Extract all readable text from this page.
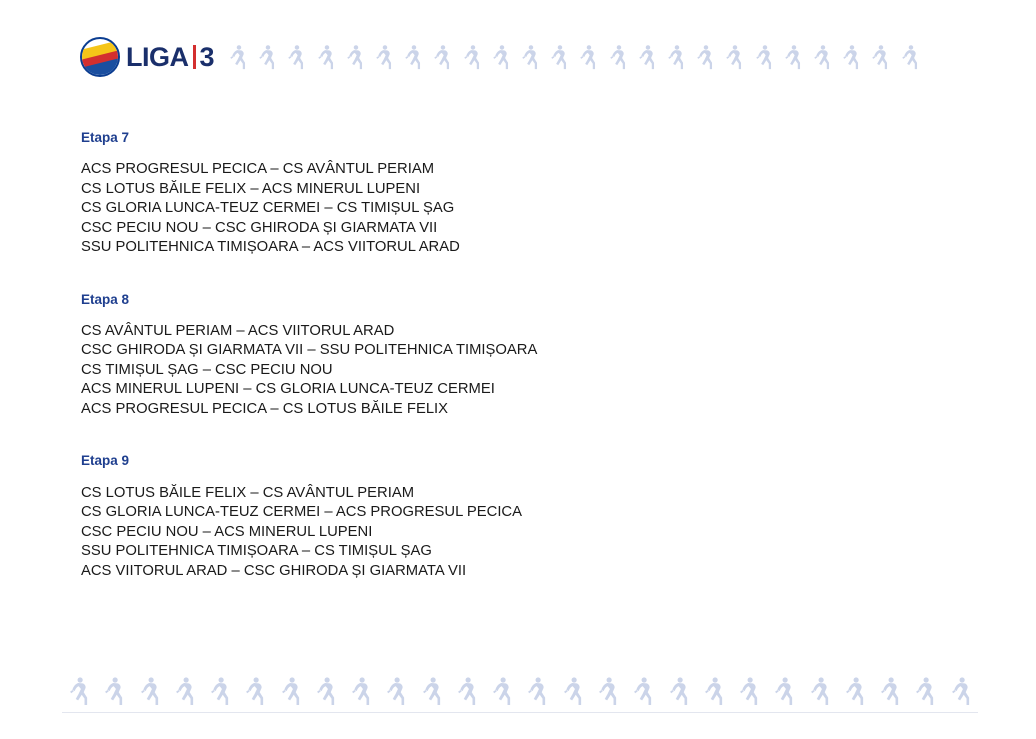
LIGA 3
Etapa 7
ACS PROGRESUL PECICA – CS AVÂNTUL PERIAM
CS LOTUS BĂILE FELIX – ACS MINERUL LUPENI
CS GLORIA LUNCA-TEUZ CERMEI – CS TIMIȘUL ȘAG
CSC PECIU NOU – CSC GHIRODA ȘI GIARMATA VII
SSU POLITEHNICA TIMIȘOARA – ACS VIITORUL ARAD
Etapa 8
CS AVÂNTUL PERIAM – ACS VIITORUL ARAD
CSC GHIRODA ȘI GIARMATA VII – SSU POLITEHNICA TIMIȘOARA
CS TIMIȘUL ȘAG – CSC PECIU NOU
ACS MINERUL LUPENI – CS GLORIA LUNCA-TEUZ CERMEI
ACS PROGRESUL PECICA – CS LOTUS BĂILE FELIX
Etapa 9
CS LOTUS BĂILE FELIX – CS AVÂNTUL PERIAM
CS GLORIA LUNCA-TEUZ CERMEI – ACS PROGRESUL PECICA
CSC PECIU NOU – ACS MINERUL LUPENI
SSU POLITEHNICA TIMIȘOARA – CS TIMIȘUL ȘAG
ACS VIITORUL ARAD – CSC GHIRODA ȘI GIARMATA VII
